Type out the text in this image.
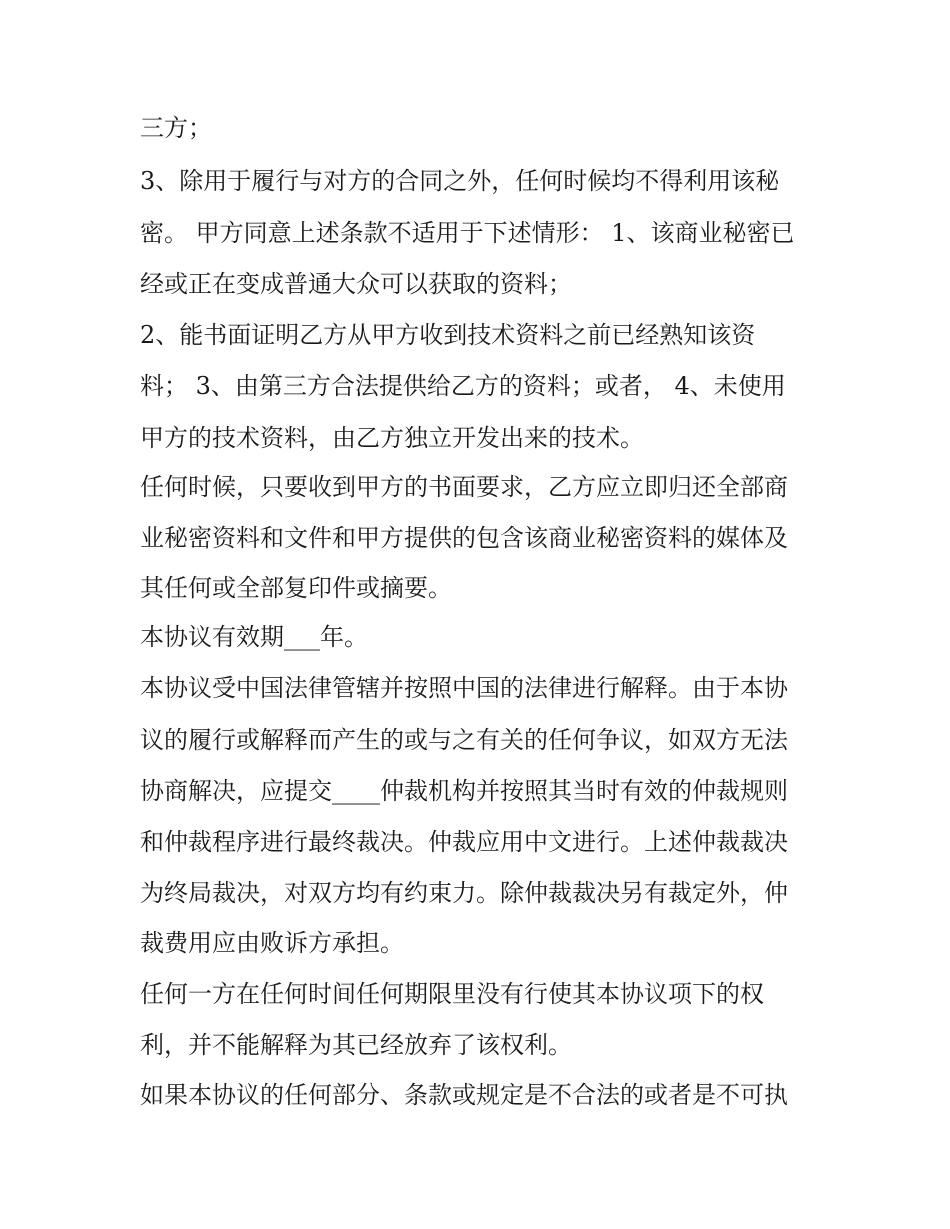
三方；
3、除用于履行与对方的合同之外，任何时候均不得利用该秘
密。 甲方同意上述条款不适用于下述情形： 1、该商业秘密已
经或正在变成普通大众可以获取的资料；
2、能书面证明乙方从甲方收到技术资料之前已经熟知该资
料； 3、由第三方合法提供给乙方的资料；或者， 4、未使用
甲方的技术资料，由乙方独立开发出来的技术。
任何时候，只要收到甲方的书面要求，乙方应立即归还全部商
业秘密资料和文件和甲方提供的包含该商业秘密资料的媒体及
其任何或全部复印件或摘要。
本协议有效期___年。
本协议受中国法律管辖并按照中国的法律进行解释。由于本协
议的履行或解释而产生的或与之有关的任何争议，如双方无法
协商解决，应提交____仲裁机构并按照其当时有效的仲裁规则
和仲裁程序进行最终裁决。仲裁应用中文进行。上述仲裁裁决
为终局裁决，对双方均有约束力。除仲裁裁决另有裁定外，仲
裁费用应由败诉方承担。
任何一方在任何时间任何期限里没有行使其本协议项下的权
利，并不能解释为其已经放弃了该权利。
如果本协议的任何部分、条款或规定是不合法的或者是不可执
